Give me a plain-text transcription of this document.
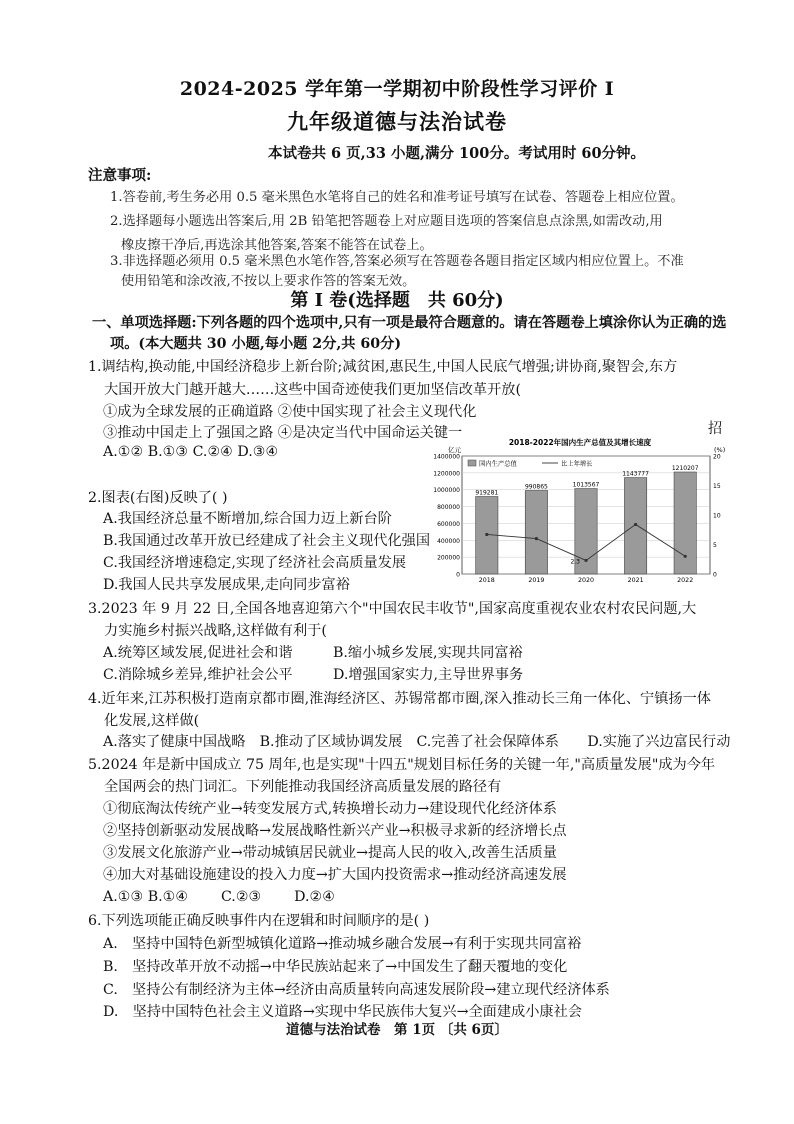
2024-2025 学年第一学期初中阶段性学习评价 I
九年级道德与法治试卷
本试卷共 6 页,33 小题,满分 100分。考试用时 60分钟。
注意事项:
1.答卷前,考生务必用 0.5 毫米黑色水笔将自己的姓名和准考证号填写在试卷、答题卷上相应位置。
2.选择题每小题选出答案后,用 2B 铅笔把答题卷上对应题目选项的答案信息点涂黑,如需改动,用
橡皮擦干净后,再选涂其他答案,答案不能答在试卷上。
3.非选择题必须用 0.5 毫米黑色水笔作答,答案必须写在答题卷各题目指定区域内相应位置上。不准
使用铅笔和涂改液,不按以上要求作答的答案无效。
第 I 卷(选择题　共 60分)
一、单项选择题:下列各题的四个选项中,只有一项是最符合题意的。请在答题卷上填涂你认为正确的选
项。(本大题共 30 小题,每小题 2分,共 60分)
1.调结构,换动能,中国经济稳步上新台阶;减贫困,惠民生,中国人民底气增强;讲协商,聚智会,东方
大国开放大门越开越大……这些中国奇迹使我们更加坚信改革开放(
①成为全球发展的正确道路 ②使中国实现了社会主义现代化
③推动中国走上了强国之路 ④是决定当代中国命运关键一	招
A.①② B.①③ C.②④ D.③④
2.图表(右图)反映了( )
A.我国经济总量不断增加,综合国力迈上新台阶
B.我国通过改革开放已经建成了社会主义现代化强国
C.我国经济增速稳定,实现了经济社会高质量发展
D.我国人民共享发展成果,走向同步富裕
2018-2022年国内生产总值及其增长速度
亿元	(%)
1400000
1200000
1000000
800000
600000
400000
200000
0
20
15
10
5
0
919281
2018
990865
2019
1013567
2020
2.3
1143777
2021
1210207
2022
国内生产总值	比上年增长
3.2023 年 9 月 22 日,全国各地喜迎第六个"中国农民丰收节",国家高度重视农业农村农民问题,大
力实施乡村振兴战略,这样做有利于(
A.统筹区域发展,促进社会和谐	B.缩小城乡发展,实现共同富裕
C.消除城乡差异,维护社会公平	D.增强国家实力,主导世界事务
4.近年来,江苏积极打造南京都市圈,淮海经济区、苏锡常都市圈,深入推动长三角一体化、宁镇扬一体
化发展,这样做(
A.落实了健康中国战略　B.推动了区域协调发展　C.完善了社会保障体系　　D.实施了兴边富民行动
5.2024 年是新中国成立 75 周年,也是实现"十四五"规划目标任务的关键一年,"高质量发展"成为今年
全国两会的热门词汇。下列能推动我国经济高质量发展的路径有
①彻底淘汰传统产业→转变发展方式,转换增长动力→建设现代化经济体系
②坚持创新驱动发展战略→发展战略性新兴产业→积极寻求新的经济增长点
③发展文化旅游产业→带动城镇居民就业→提高人民的收入,改善生活质量
④加大对基础设施建设的投入力度→扩大国内投资需求→推动经济高速发展
A.①③ B.①④　　 C.②③　　 D.②④
6.下列选项能正确反映事件内在逻辑和时间顺序的是( )
A.　坚持中国特色新型城镇化道路→推动城乡融合发展→有利于实现共同富裕
B.　坚持改革开放不动摇→中华民族站起来了→中国发生了翻天覆地的变化
C.　坚持公有制经济为主体→经济由高质量转向高速发展阶段→建立现代经济体系
D.　坚持中国特色社会主义道路→实现中华民族伟大复兴→全面建成小康社会
道德与法治试卷　第 1页 〔共 6页〕
